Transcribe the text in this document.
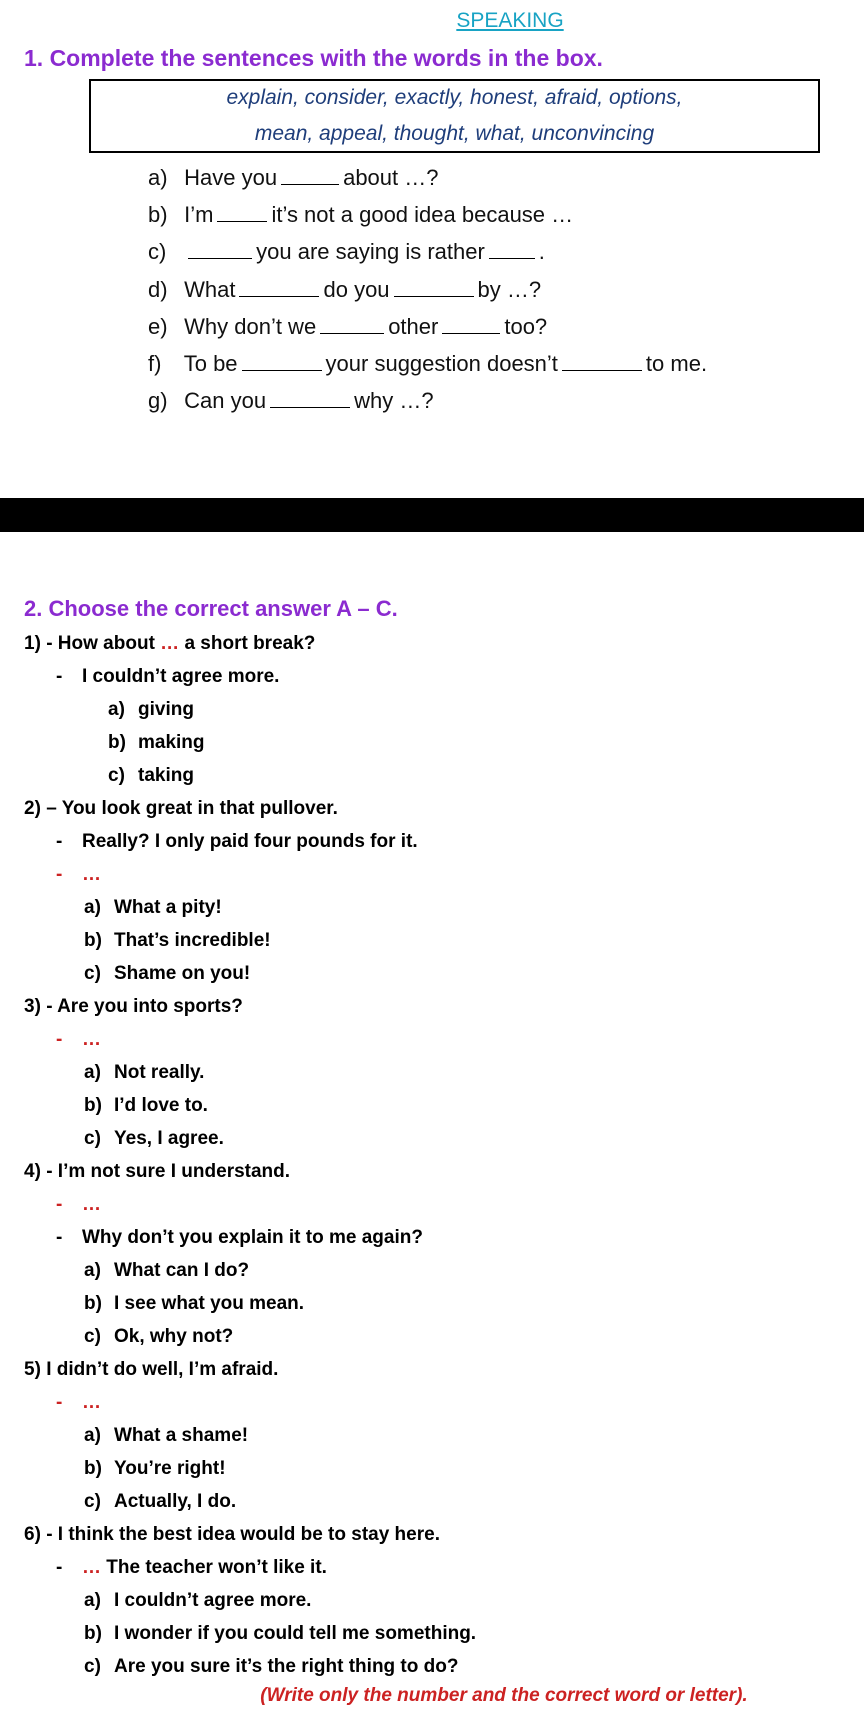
SPEAKING
1. Complete the sentences with the words in the box.
explain, consider, exactly, honest, afraid, options,
mean, appeal, thought, what, unconvincing
a) Have you	about …?
b) I’m	it’s not a good idea because …
c)	you are saying is rather .
d) What	do you	by …?
e) Why don’t we	other	too?
f) To be	your suggestion doesn’t	to me.
g) Can you	why …?
2. Choose the correct answer A – C.
1) - How about … a short break?
- I couldn’t agree more.
a) giving
b) making
c) taking
2) – You look great in that pullover.
- Really? I only paid four pounds for it.
- …
a) What a pity!
b) That’s incredible!
c) Shame on you!
3) - Are you into sports?
- …
a) Not really.
b) I’d love to.
c) Yes, I agree.
4) - I’m not sure I understand.
- …
- Why don’t you explain it to me again?
a) What can I do?
b) I see what you mean.
c) Ok, why not?
5) I didn’t do well, I’m afraid.
- …
a) What a shame!
b) You’re right!
c) Actually, I do.
6) - I think the best idea would be to stay here.
- … The teacher won’t like it.
a) I couldn’t agree more.
b) I wonder if you could tell me something.
c) Are you sure it’s the right thing to do?
(Write only the number and the correct word or letter).
